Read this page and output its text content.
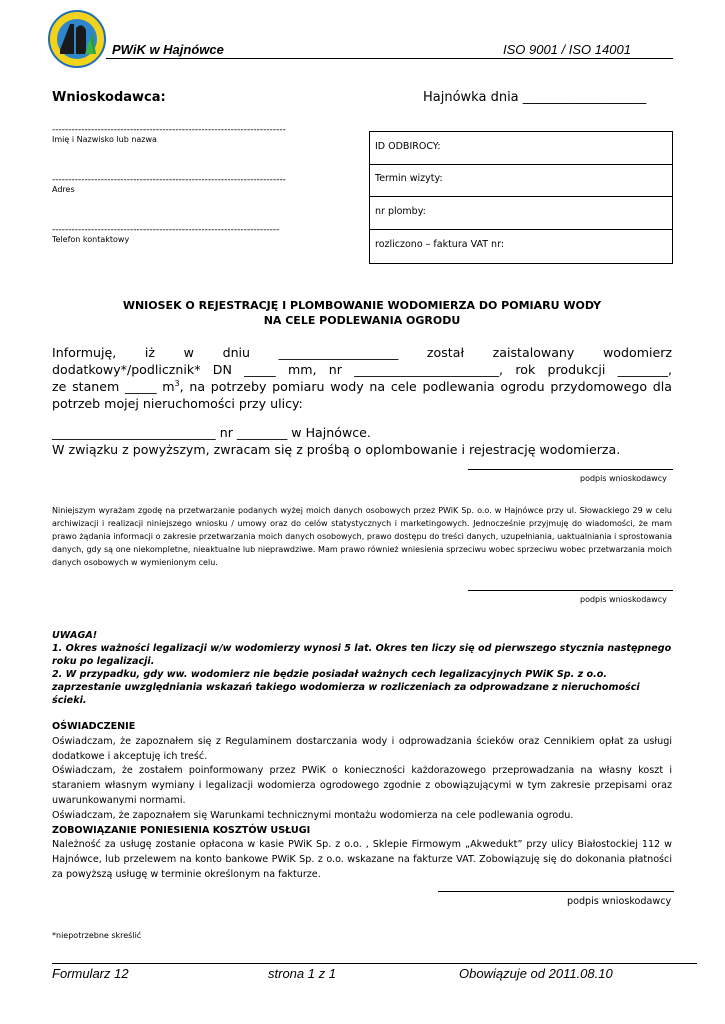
PWiK w Hajnówce	ISO 9001 / ISO 14001
Wnioskodawca:	Hajnówka dnia ___________________
------------------------------------------------------------------------
Imię i Nazwisko lub nazwa
------------------------------------------------------------------------
Adres
----------------------------------------------------------------------
Telefon kontaktowy
ID ODBIROCY:
Termin wizyty:
nr plomby:
rozliczono – faktura VAT nr:
WNIOSEK O REJESTRACJĘ I PLOMBOWANIE WODOMIERZA DO POMIARU WODY
NA CELE PODLEWANIA OGRODU
Informuję, iż w dniu ___________________ został zaistalowany wodomierz
dodatkowy*/podlicznik* DN _____ mm, nr _______________________, rok produkcji ________,
ze stanem _____ $m^3$, na potrzeby pomiaru wody na cele podlewania ogrodu przydomowego dla
potrzeb mojej nieruchomości przy ulicy:
__________________________ nr ________ w Hajnówce.
W związku z powyższym, zwracam się z prośbą o oplombowanie i rejestrację wodomierza.
podpis wnioskodawcy
Niniejszym wyrażam zgodę na przetwarzanie podanych wyżej moich danych osobowych przez PWiK Sp. o.o. w Hajnówce przy ul. Słowackiego 29 w celu archiwizacji i realizacji niniejszego wniosku / umowy oraz do celów statystycznych i marketingowych. Jednocześnie przyjmuję do wiadomości, że mam prawo żądania informacji o zakresie przetwarzania moich danych osobowych, prawo dostępu do treści danych, uzupełniania, uaktualniania i sprostowania danych, gdy są one niekompletne, nieaktualne lub nieprawdziwe. Mam prawo również wniesienia sprzeciwu wobec sprzeciwu wobec przetwarzania moich danych osobowych w wymienionym celu.
podpis wnioskodawcy
UWAGA!
1. Okres ważności legalizacji w/w wodomierzy wynosi 5 lat. Okres ten liczy się od pierwszego stycznia następnego roku po legalizacji.
2. W przypadku, gdy ww. wodomierz nie będzie posiadał ważnych cech legalizacyjnych PWiK Sp. z o.o. zaprzestanie uwzględniania wskazań takiego wodomierza w rozliczeniach za odprowadzane z nieruchomości ścieki.
OŚWIADCZENIE
Oświadczam, że zapoznałem się z Regulaminem dostarczania wody i odprowadzania ścieków oraz Cennikiem opłat za usługi dodatkowe i akceptuję ich treść.
Oświadczam, że zostałem poinformowany przez PWiK o konieczności każdorazowego przeprowadzania na własny koszt i staraniem własnym wymiany i legalizacji wodomierza ogrodowego zgodnie z obowiązującymi w tym zakresie przepisami oraz uwarunkowanymi normami.
Oświadczam, że zapoznałem się Warunkami technicznymi montażu wodomierza na cele podlewania ogrodu.
ZOBOWIĄZANIE PONIESIENIA KOSZTÓW USŁUGI
Należność za usługę zostanie opłacona w kasie PWiK Sp. z o.o. , Sklepie Firmowym „Akwedukt” przy ulicy Białostockiej 112 w Hajnówce, lub przelewem na konto bankowe PWiK Sp. z o.o. wskazane na fakturze VAT. Zobowiązuję się do dokonania płatności za powyższą usługę w terminie określonym na fakturze.
podpis wnioskodawcy
*niepotrzebne skreślić
Formularz 12	strona 1 z 1	Obowiązuje od 2011.08.10
